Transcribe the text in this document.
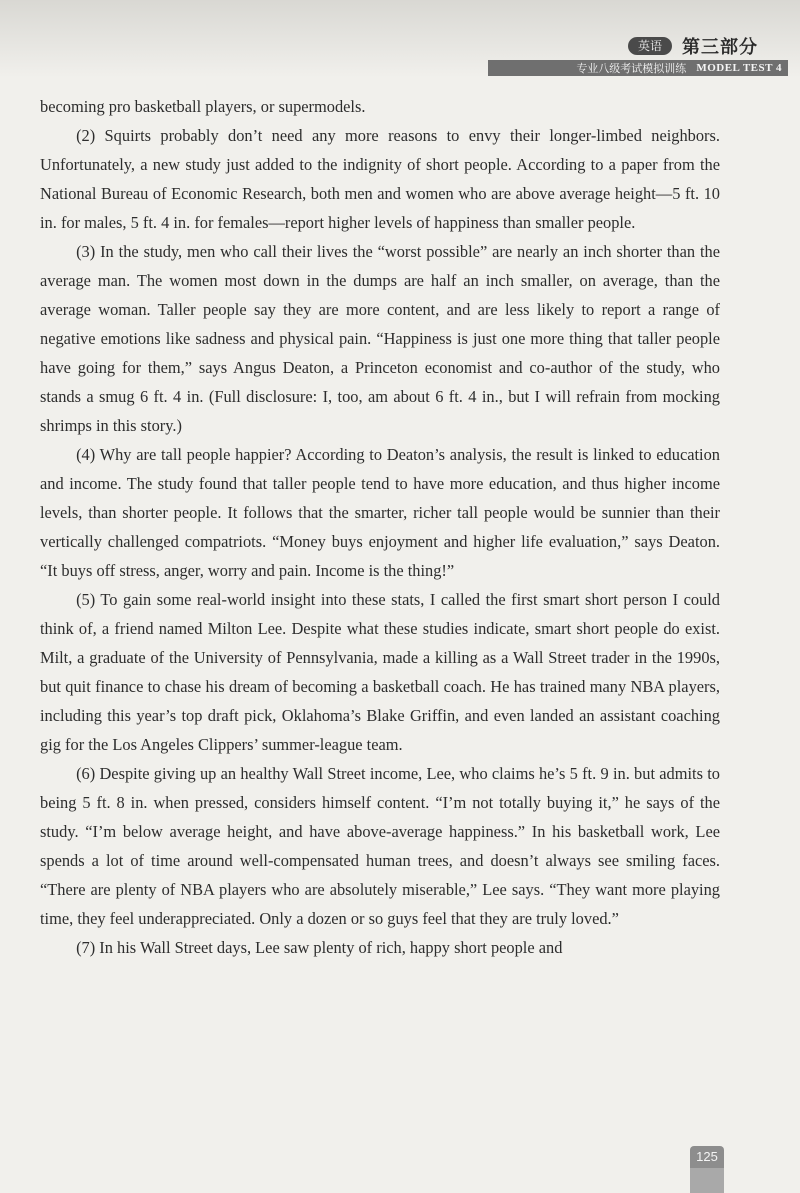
英语	第三部分
专业八级考试模拟训练 MODEL TEST 4

becoming pro basketball players, or supermodels.

(2) Squirts probably don’t need any more reasons to envy their longer-limbed neighbors. Unfortunately, a new study just added to the indignity of short people. According to a paper from the National Bureau of Economic Research, both men and women who are above average height—5 ft. 10 in. for males, 5 ft. 4 in. for females—report higher levels of happiness than smaller people.

(3) In the study, men who call their lives the “worst possible” are nearly an inch shorter than the average man. The women most down in the dumps are half an inch smaller, on average, than the average woman. Taller people say they are more content, and are less likely to report a range of negative emotions like sadness and physical pain. “Happiness is just one more thing that taller people have going for them,” says Angus Deaton, a Princeton economist and co-author of the study, who stands a smug 6 ft. 4 in. (Full disclosure: I, too, am about 6 ft. 4 in., but I will refrain from mocking shrimps in this story.)

(4) Why are tall people happier? According to Deaton’s analysis, the result is linked to education and income. The study found that taller people tend to have more education, and thus higher income levels, than shorter people. It follows that the smarter, richer tall people would be sunnier than their vertically challenged compatriots. “Money buys enjoyment and higher life evaluation,” says Deaton. “It buys off stress, anger, worry and pain. Income is the thing!”

(5) To gain some real-world insight into these stats, I called the first smart short person I could think of, a friend named Milton Lee. Despite what these studies indicate, smart short people do exist. Milt, a graduate of the University of Pennsylvania, made a killing as a Wall Street trader in the 1990s, but quit finance to chase his dream of becoming a basketball coach. He has trained many NBA players, including this year’s top draft pick, Oklahoma’s Blake Griffin, and even landed an assistant coaching gig for the Los Angeles Clippers’ summer-league team.

(6) Despite giving up an healthy Wall Street income, Lee, who claims he’s 5 ft. 9 in. but admits to being 5 ft. 8 in. when pressed, considers himself content. “I’m not totally buying it,” he says of the study. “I’m below average height, and have above-average happiness.” In his basketball work, Lee spends a lot of time around well-compensated human trees, and doesn’t always see smiling faces. “There are plenty of NBA players who are absolutely miserable,” Lee says. “They want more playing time, they feel underappreciated. Only a dozen or so guys feel that they are truly loved.”

(7) In his Wall Street days, Lee saw plenty of rich, happy short people and

125
